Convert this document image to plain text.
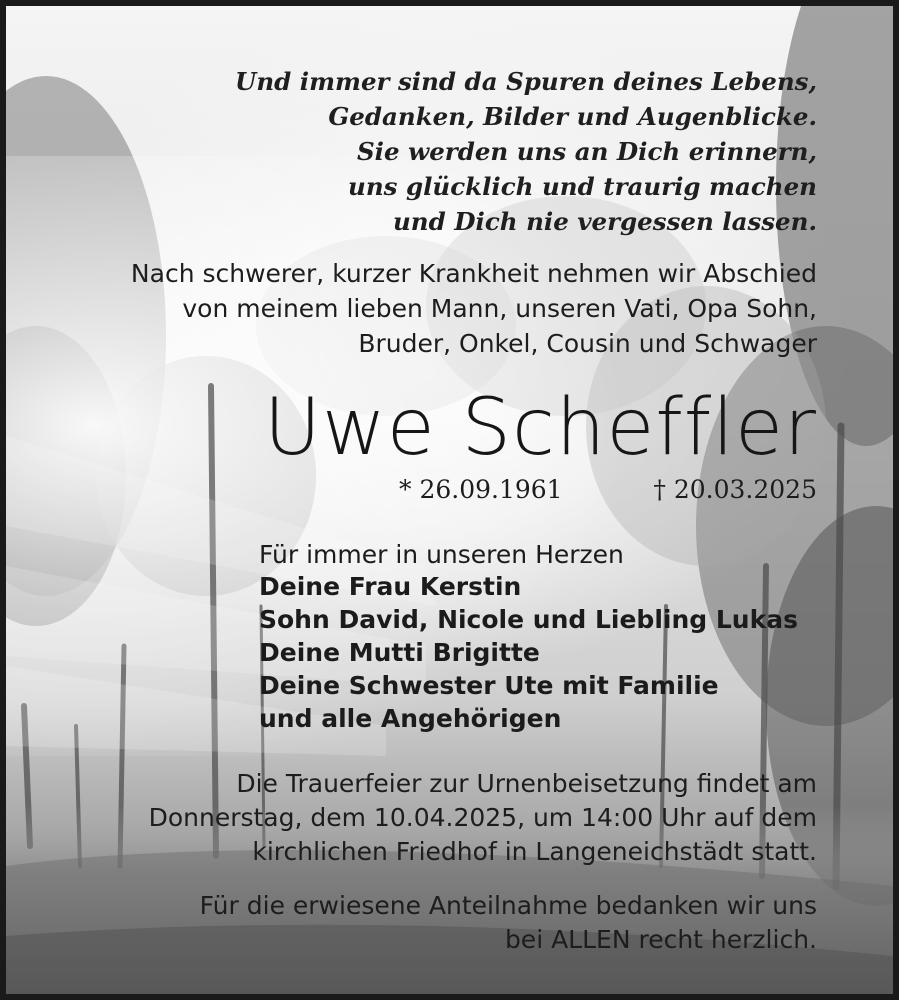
Und immer sind da Spuren deines Lebens,
Gedanken, Bilder und Augenblicke.
Sie werden uns an Dich erinnern,
uns glücklich und traurig machen
und Dich nie vergessen lassen.
Nach schwerer, kurzer Krankheit nehmen wir Abschied
von meinem lieben Mann, unseren Vati, Opa Sohn,
Bruder, Onkel, Cousin und Schwager
Uwe Scheffler
* 26.09.1961	† 20.03.2025
Für immer in unseren Herzen
Deine Frau Kerstin
Sohn David, Nicole und Liebling Lukas
Deine Mutti Brigitte
Deine Schwester Ute mit Familie
und alle Angehörigen
Die Trauerfeier zur Urnenbeisetzung findet am
Donnerstag, dem 10.04.2025, um 14:00 Uhr auf dem
kirchlichen Friedhof in Langeneichstädt statt.
Für die erwiesene Anteilnahme bedanken wir uns
bei ALLEN recht herzlich.
